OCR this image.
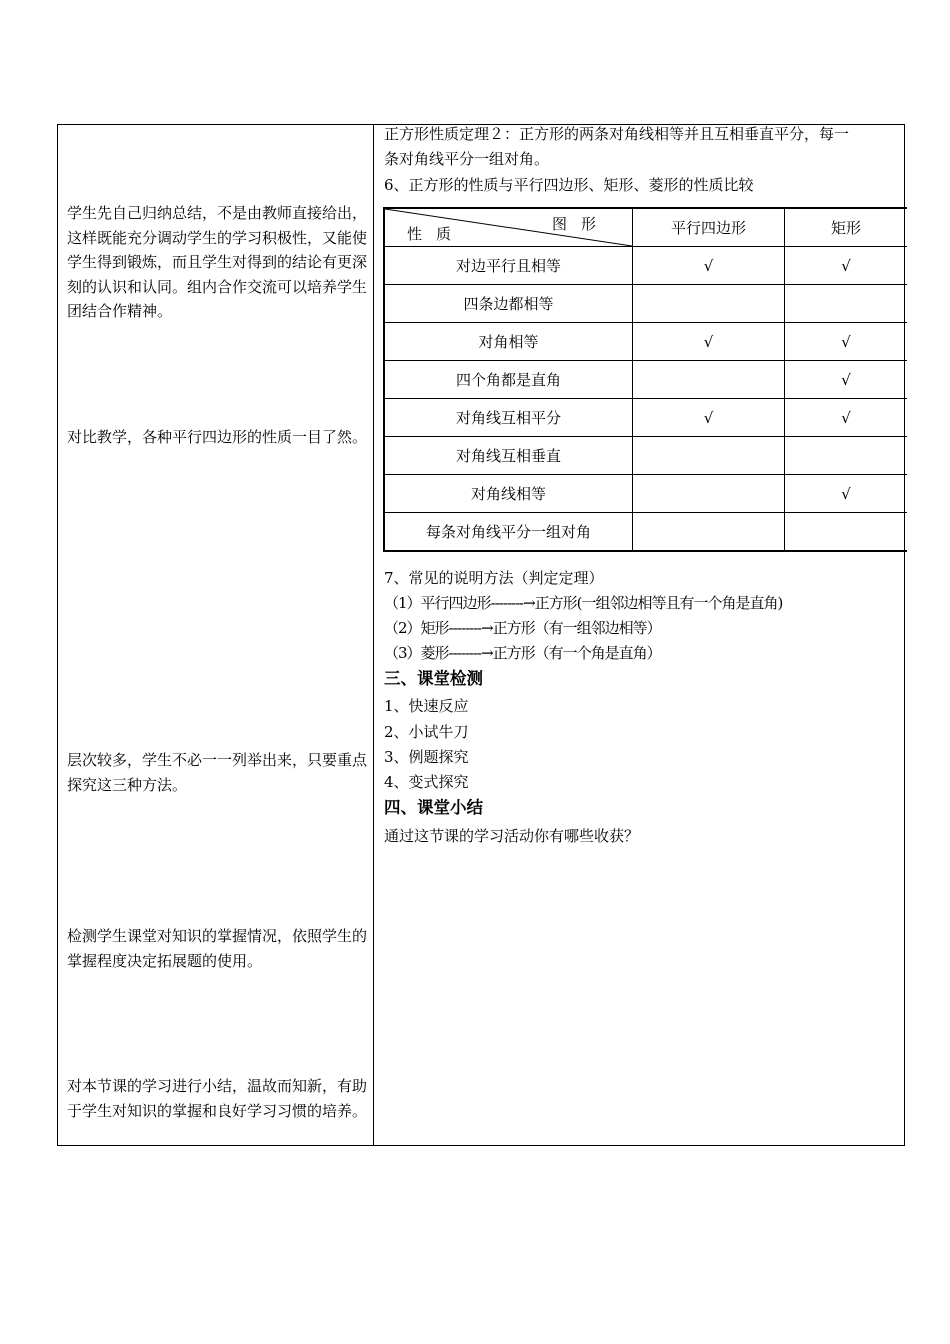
学生先自己归纳总结，不是由教师直接给出，这样既能充分调动学生的学习积极性，又能使学生得到锻炼，而且学生对得到的结论有更深刻的认识和认同。组内合作交流可以培养学生团结合作精神。
对比教学，各种平行四边形的性质一目了然。
层次较多，学生不必一一列举出来，只要重点探究这三种方法。
检测学生课堂对知识的掌握情况，依照学生的掌握程度决定拓展题的使用。
对本节课的学习进行小结，温故而知新，有助于学生对知识的掌握和良好学习习惯的培养。
正方形性质定理２：正方形的两条对角线相等并且互相垂直平分，每一
条对角线平分一组对角。
6、正方形的性质与平行四边形、矩形、菱形的性质比较
图形
性质	平行四边形	矩形
对边平行且相等	√	√
四条边都相等		
对角相等	√	√
四个角都是直角		√
对角线互相平分	√	√
对角线互相垂直		
对角线相等		√
每条对角线平分一组对角		
7、常见的说明方法（判定定理）
（1）平行四边形--------→正方形(一组邻边相等且有一个角是直角)
（2）矩形--------→正方形（有一组邻边相等）
（3）菱形--------→正方形（有一个角是直角）
三、课堂检测
1、快速反应
2、小试牛刀
3、例题探究
4、变式探究
四、课堂小结
通过这节课的学习活动你有哪些收获？
